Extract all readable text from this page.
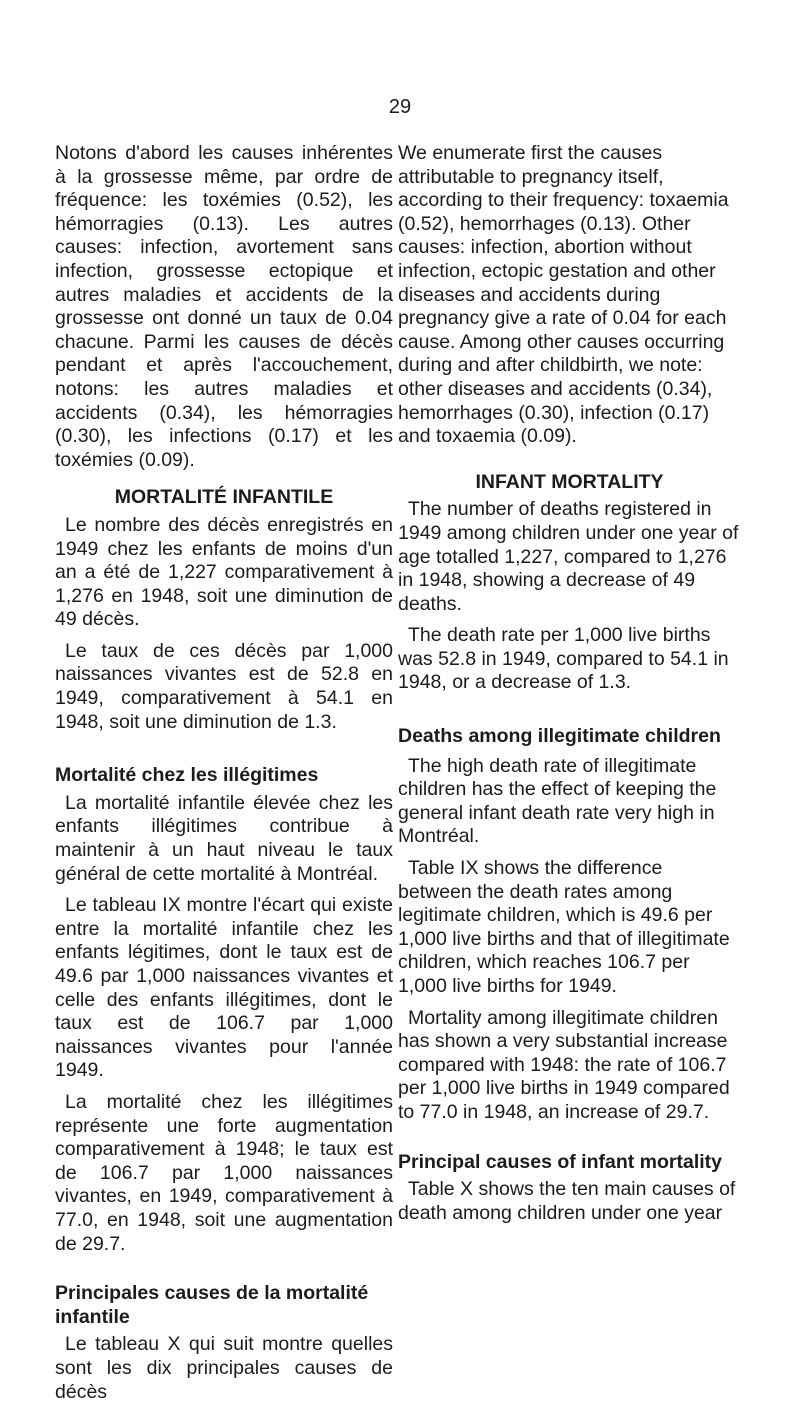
29

Notons d'abord les causes inhérentes à la grossesse même, par ordre de fréquence: les toxémies (0.52), les hémorragies (0.13). Les autres causes: infection, avortement sans infection, grossesse ectopique et autres maladies et accidents de la grossesse ont donné un taux de 0.04 chacune. Parmi les causes de décès pendant et après l'accouchement, notons: les autres maladies et accidents (0.34), les hémorragies (0.30), les infections (0.17) et les toxémies (0.09).

MORTALITÉ INFANTILE

Le nombre des décès enregistrés en 1949 chez les enfants de moins d'un an a été de 1,227 comparativement à 1,276 en 1948, soit une diminution de 49 décès.

Le taux de ces décès par 1,000 naissances vivantes est de 52.8 en 1949, comparativement à 54.1 en 1948, soit une diminution de 1.3.

Mortalité chez les illégitimes

La mortalité infantile élevée chez les enfants illégitimes contribue à maintenir à un haut niveau le taux général de cette mortalité à Montréal.

Le tableau IX montre l'écart qui existe entre la mortalité infantile chez les enfants légitimes, dont le taux est de 49.6 par 1,000 naissances vivantes et celle des enfants illégitimes, dont le taux est de 106.7 par 1,000 naissances vivantes pour l'année 1949.

La mortalité chez les illégitimes représente une forte augmentation comparativement à 1948; le taux est de 106.7 par 1,000 naissances vivantes, en 1949, comparativement à 77.0, en 1948, soit une augmentation de 29.7.

Principales causes de la mortalité infantile

Le tableau X qui suit montre quelles sont les dix principales causes de décès

We enumerate first the causes attributable to pregnancy itself, according to their frequency: toxaemia (0.52), hemorrhages (0.13). Other causes: infection, abortion without infection, ectopic gestation and other diseases and accidents during pregnancy give a rate of 0.04 for each cause. Among other causes occurring during and after childbirth, we note: other diseases and accidents (0.34), hemorrhages (0.30), infection (0.17) and toxaemia (0.09).

INFANT MORTALITY

The number of deaths registered in 1949 among children under one year of age totalled 1,227, compared to 1,276 in 1948, showing a decrease of 49 deaths.

The death rate per 1,000 live births was 52.8 in 1949, compared to 54.1 in 1948, or a decrease of 1.3.

Deaths among illegitimate children

The high death rate of illegitimate children has the effect of keeping the general infant death rate very high in Montréal.

Table IX shows the difference between the death rates among legitimate children, which is 49.6 per 1,000 live births and that of illegitimate children, which reaches 106.7 per 1,000 live births for 1949.

Mortality among illegitimate children has shown a very substantial increase compared with 1948: the rate of 106.7 per 1,000 live births in 1949 compared to 77.0 in 1948, an increase of 29.7.

Principal causes of infant mortality

Table X shows the ten main causes of death among children under one year
